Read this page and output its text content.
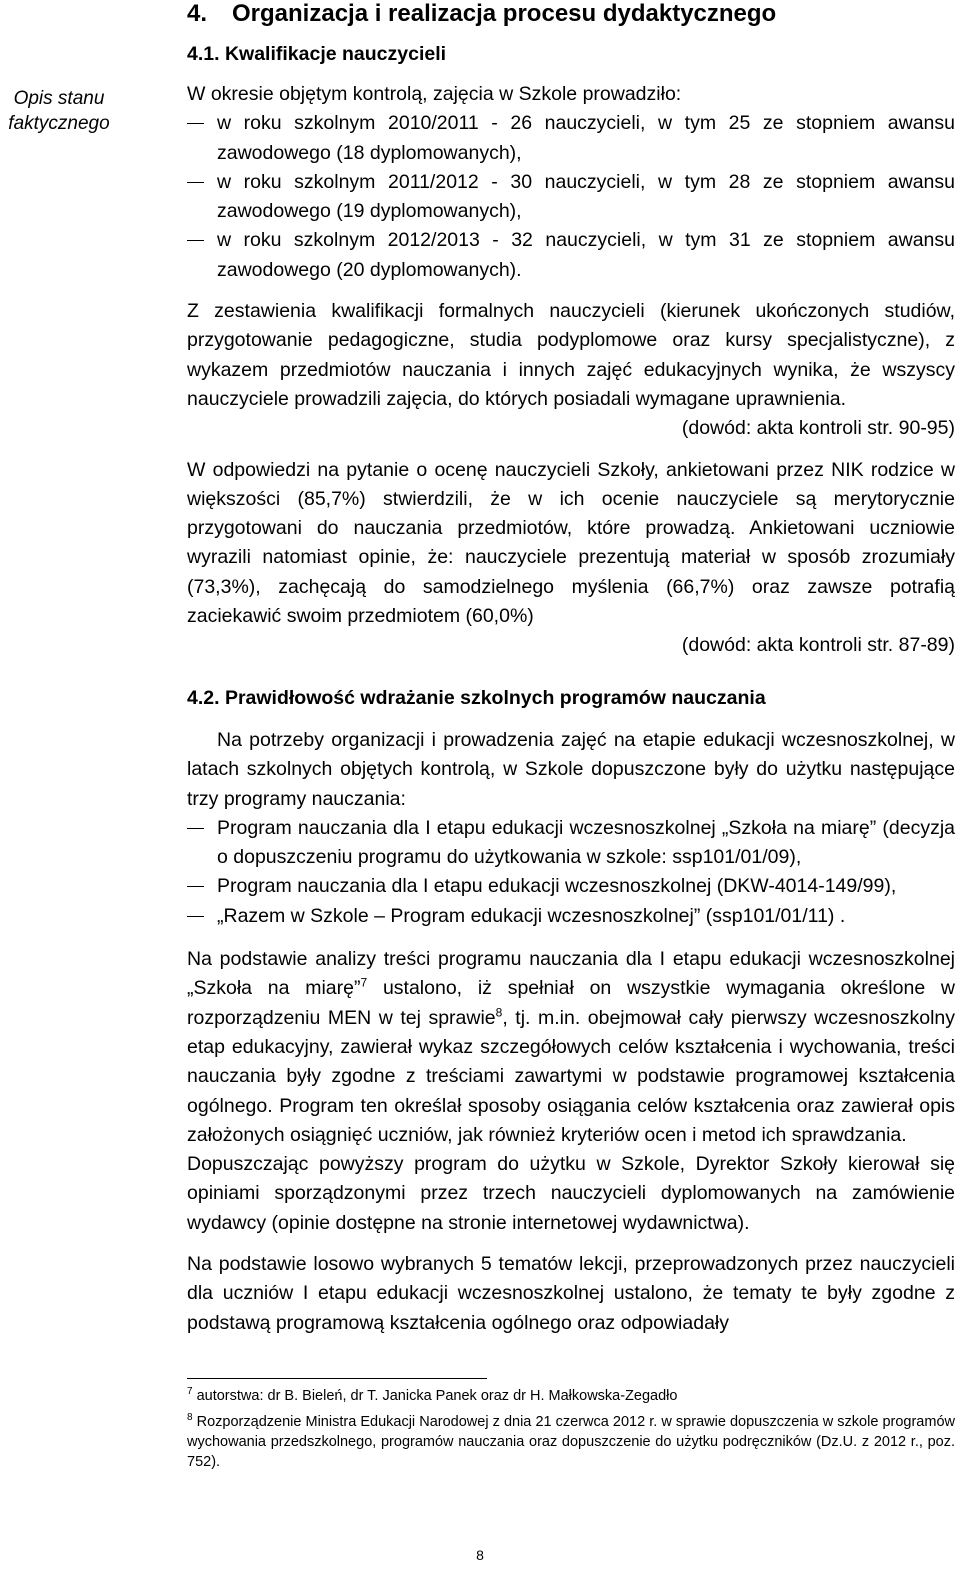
Opis stanu faktycznego
4. Organizacja i realizacja procesu dydaktycznego
4.1. Kwalifikacje nauczycieli

W okresie objętym kontrolą, zajęcia w Szkole prowadziło:

w roku szkolnym 2010/2011 - 26 nauczycieli, w tym 25 ze stopniem awansu zawodowego (18 dyplomowanych),
w roku szkolnym 2011/2012 - 30 nauczycieli, w tym 28 ze stopniem awansu zawodowego (19 dyplomowanych),
w roku szkolnym 2012/2013 - 32 nauczycieli, w tym 31 ze stopniem awansu zawodowego (20 dyplomowanych).

Z zestawienia kwalifikacji formalnych nauczycieli (kierunek ukończonych studiów, przygotowanie pedagogiczne, studia podyplomowe oraz kursy specjalistyczne), z wykazem przedmiotów nauczania i innych zajęć edukacyjnych wynika, że wszyscy nauczyciele prowadzili zajęcia, do których posiadali wymagane uprawnienia.

(dowód: akta kontroli str. 90-95)

W odpowiedzi na pytanie o ocenę nauczycieli Szkoły, ankietowani przez NIK rodzice w większości (85,7%) stwierdzili, że w ich ocenie nauczyciele są merytorycznie przygotowani do nauczania przedmiotów, które prowadzą. Ankietowani uczniowie wyrazili natomiast opinie, że: nauczyciele prezentują materiał w sposób zrozumiały (73,3%), zachęcają do samodzielnego myślenia (66,7%) oraz zawsze potrafią zaciekawić swoim przedmiotem (60,0%)

(dowód: akta kontroli str. 87-89)
4.2. Prawidłowość wdrażanie szkolnych programów nauczania

Na potrzeby organizacji i prowadzenia zajęć na etapie edukacji wczesnoszkolnej, w latach szkolnych objętych kontrolą, w Szkole dopuszczone były do użytku następujące trzy programy nauczania:

Program nauczania dla I etapu edukacji wczesnoszkolnej „Szkoła na miarę” (decyzja o dopuszczeniu programu do użytkowania w szkole: ssp101/01/09),
Program nauczania dla I etapu edukacji wczesnoszkolnej (DKW-4014-149/99),
„Razem w Szkole – Program edukacji wczesnoszkolnej” (ssp101/01/11) .

Na podstawie analizy treści programu nauczania dla I etapu edukacji wczesnoszkolnej „Szkoła na miarę”$^7$ ustalono, iż spełniał on wszystkie wymagania określone w rozporządzeniu MEN w tej sprawie$^8$, tj. m.in. obejmował cały pierwszy wczesnoszkolny etap edukacyjny, zawierał wykaz szczegółowych celów kształcenia i wychowania, treści nauczania były zgodne z treściami zawartymi w podstawie programowej kształcenia ogólnego. Program ten określał sposoby osiągania celów kształcenia oraz zawierał opis założonych osiągnięć uczniów, jak również kryteriów ocen i metod ich sprawdzania.

Dopuszczając powyższy program do użytku w Szkole, Dyrektor Szkoły kierował się opiniami sporządzonymi przez trzech nauczycieli dyplomowanych na zamówienie wydawcy (opinie dostępne na stronie internetowej wydawnictwa).

Na podstawie losowo wybranych 5 tematów lekcji, przeprowadzonych przez nauczycieli dla uczniów I etapu edukacji wczesnoszkolnej ustalono, że tematy te były zgodne z podstawą programową kształcenia ogólnego oraz odpowiadały

$^7$ autorstwa: dr B. Bieleń, dr T. Janicka Panek oraz dr H. Małkowska-Zegadło

$^8$ Rozporządzenie Ministra Edukacji Narodowej z dnia 21 czerwca 2012 r. w sprawie dopuszczenia w szkole programów wychowania przedszkolnego, programów nauczania oraz dopuszczenie do użytku podręczników (Dz.U. z 2012 r., poz. 752).

8
